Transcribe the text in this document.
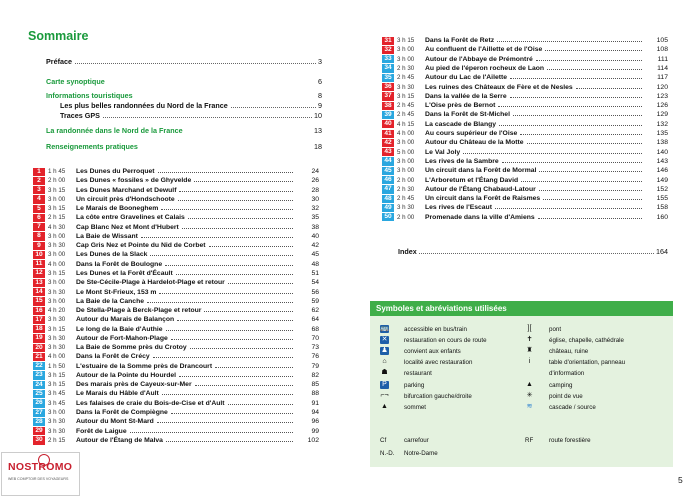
Sommaire
Préface	3
Carte synoptique	6
Informations touristiques	8
Les plus belles randonnées du Nord de la France	9
Traces GPS	10
La randonnée dans le Nord de la France	13
Renseignements pratiques	18
1	1 h 45	Les Dunes du Perroquet	24
2	2 h 00	Les Dunes « fossiles » de Ghyvelde	26
3	3 h 15	Les Dunes Marchand et Dewulf	28
4	3 h 00	Un circuit près d'Hondschoote	30
5	3 h 15	Le Marais de Booneghem	32
6	2 h 15	La côte entre Gravelines et Calais	35
7	4 h 30	Cap Blanc Nez et Mont d'Hubert	38
8	3 h 00	La Baie de Wissant	40
9	3 h 30	Cap Gris Nez et Pointe du Nid de Corbet	42
10 3 h 00	Les Dunes de la Slack	45
11 4 h 00	Dans la Forêt de Boulogne	48
12 3 h 15	Les Dunes et la Forêt d'Écault	51
13 3 h 00	De Ste-Cécile-Plage à Hardelot-Plage et retour	54
14 3 h 30	Le Mont St-Frieux, 153 m	56
15 3 h 00	La Baie de la Canche	59
16 4 h 20	De Stella-Plage à Berck-Plage et retour	62
17 3 h 30	Autour du Marais de Balançon	64
18 3 h 15	Le long de la Baie d'Authie	68
19 3 h 30	Autour de Fort-Mahon-Plage	70
20 3 h 30	La Baie de Somme près du Crotoy	73
21 4 h 00	Dans la Forêt de Crécy	76
22 1 h 50	L'estuaire de la Somme près de Drancourt	79
23 3 h 15	Autour de la Pointe du Hourdel	82
24 3 h 15	Des marais près de Cayeux-sur-Mer	85
25 3 h 45	Le Marais du Hâble d'Ault	88
26 3 h 45	Les falaises de craie du Bois-de-Cise et d'Ault	91
27 3 h 00	Dans la Forêt de Compiègne	94
28 3 h 30	Autour du Mont St-Mard	96
29 3 h 30	Forêt de Laigue	99
30 2 h 15	Autour de l'Étang de Malva	102
31 3 h 15	Dans la Forêt de Retz	105
32 3 h 00	Au confluent de l'Aillette et de l'Oise	108
33 3 h 00	Autour de l'Abbaye de Prémontré	111
34 2 h 30	Au pied de l'éperon rocheux de Laon	114
35 2 h 45	Autour du Lac de l'Ailette	117
36 3 h 30	Les ruines des Châteaux de Fère et de Nesles	120
37 3 h 15	Dans la vallée de la Serre	123
38 2 h 45	L'Oise près de Bernot	126
39 2 h 45	Dans la Forêt de St-Michel	129
40 4 h 15	La cascade de Blangy	132
41 4 h 00	Au cours supérieur de l'Oise	135
42 3 h 00	Autour du Château de la Motte	138
43 5 h 00	Le Val Joly	140
44 3 h 00	Les rives de la Sambre	143
45 3 h 00	Un circuit dans la Forêt de Mormal	146
46 2 h 00	L'Arboretum et l'Étang David	149
47 2 h 30	Autour de l'Étang Chabaud-Latour	152
48 2 h 45	Un circuit dans la Forêt de Raismes	155
49 3 h 30	Les rives de l'Escaut	158
50 2 h 00	Promenade dans la ville d'Amiens	160
Index	164
Symboles et abréviations utilisées
🚌 accessible en bus/train
✕	restauration en cours de route
♟	convient aux enfants
⌂	localité avec restauration
☗	restaurant
P	parking
⌐¬ bifurcation gauche/droite
▲	sommet
][	pont
✝	église, chapelle, cathédrale
♜	château, ruine
i	table d'orientation, panneau
d'information
▲	camping
✳	point de vue
≋	cascade / source
Cf	carrefour
N.-D. Notre-Dame
RF	route forestière
5
NOSTROMO
WEB COMPTOIR DES VOYAGEURS
